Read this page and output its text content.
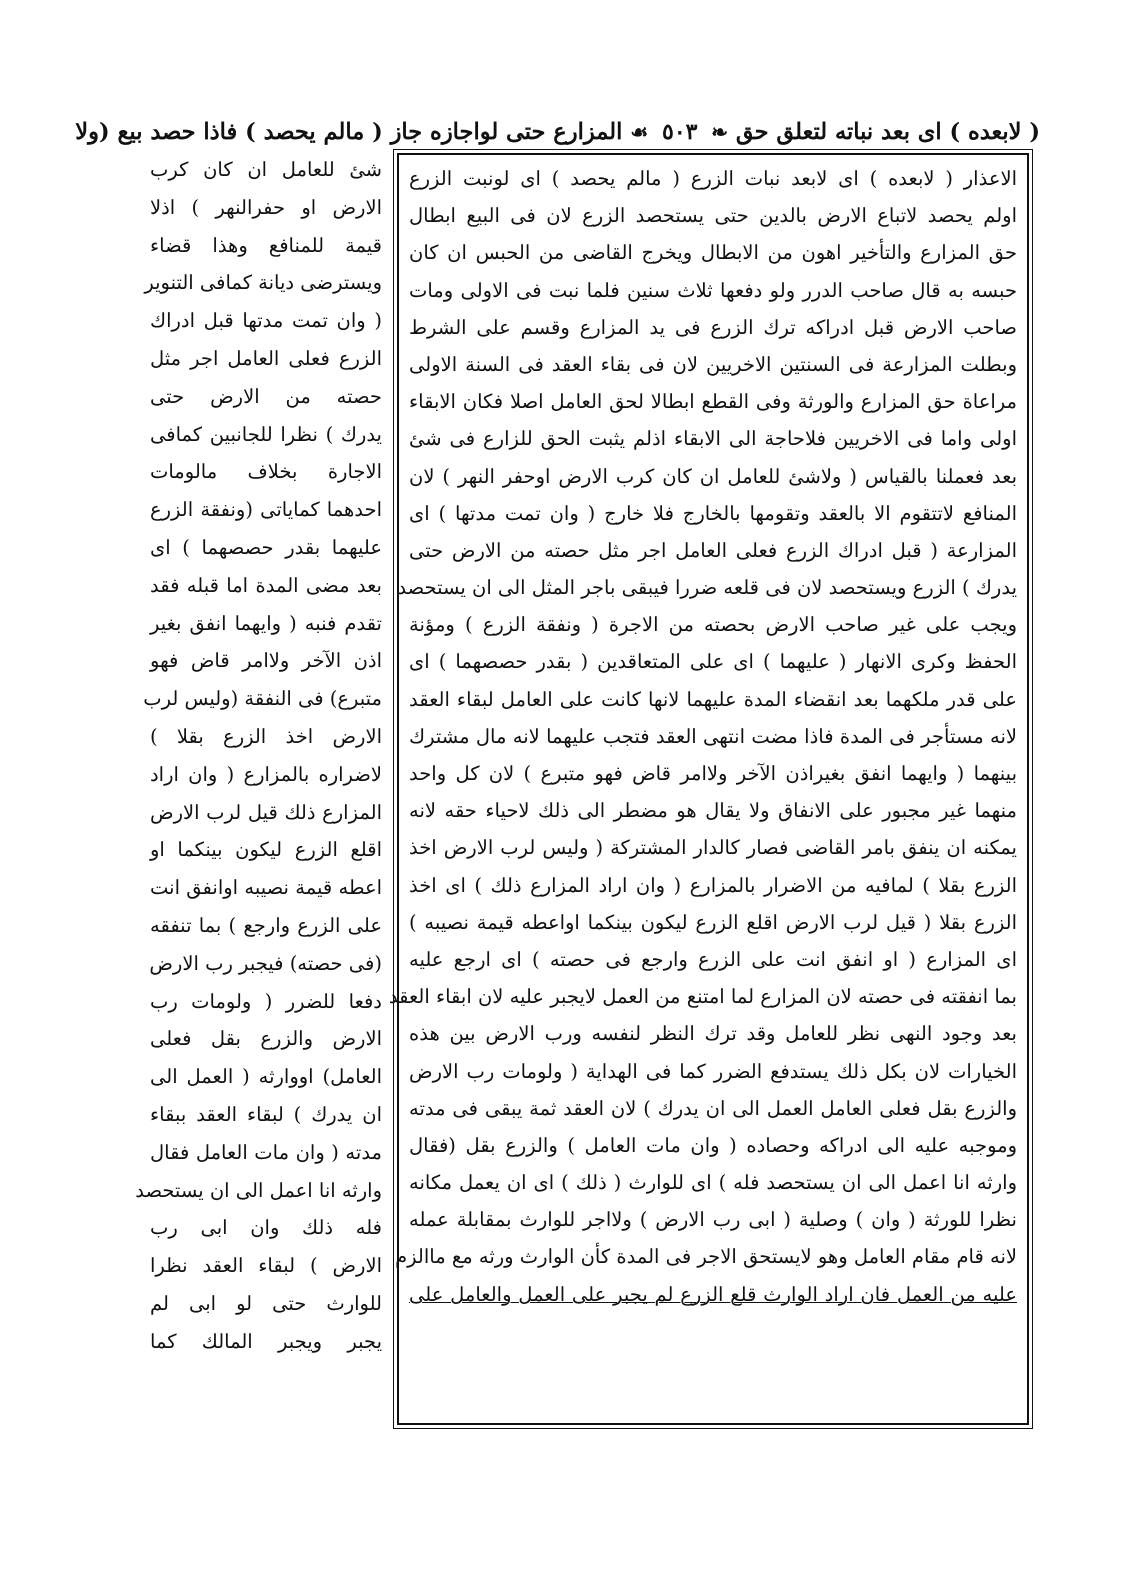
( لابعده ) اى بعد نباته لتعلق حق ❧ ٥٠٣ ☙ المزارع حتى لواجازه جاز ( مالم يحصد ) فاذا حصد بيع (ولا
الاعذار ( لابعده ) اى لابعد نبات الزرع ( مالم يحصد ) اى لونبت الزرع
اولم يحصد لاتباع الارض بالدين حتى يستحصد الزرع لان فى البيع ابطال
حق المزارع والتأخير اهون من الابطال ويخرج القاضى من الحبس ان كان
حبسه به قال صاحب الدرر ولو دفعها ثلاث سنين فلما نبت فى الاولى ومات
صاحب الارض قبل ادراكه ترك الزرع فى يد المزارع وقسم على الشرط
وبطلت المزارعة فى السنتين الاخريين لان فى بقاء العقد فى السنة الاولى
مراعاة حق المزارع والورثة وفى القطع ابطالا لحق العامل اصلا فكان الابقاء
اولى واما فى الاخريين فلاحاجة الى الابقاء اذلم يثبت الحق للزارع فى شئ
بعد فعملنا بالقياس ( ولاشئ للعامل ان كان كرب الارض اوحفر النهر ) لان
المنافع لاتتقوم الا بالعقد وتقومها بالخارج فلا خارج ( وان تمت مدتها ) اى
المزارعة ( قبل ادراك الزرع فعلى العامل اجر مثل حصته من الارض حتى
يدرك ) الزرع ويستحصد لان فى قلعه ضررا فيبقى باجر المثل الى ان يستحصد
ويجب على غير صاحب الارض بحصته من الاجرة ( ونفقة الزرع ) ومؤنة
الحفظ وكرى الانهار ( عليهما ) اى على المتعاقدين ( بقدر حصصهما ) اى
على قدر ملكهما بعد انقضاء المدة عليهما لانها كانت على العامل لبقاء العقد
لانه مستأجر فى المدة فاذا مضت انتهى العقد فتجب عليهما لانه مال مشترك
بينهما ( وايهما انفق بغيراذن الآخر ولاامر قاض فهو متبرع ) لان كل واحد
منهما غير مجبور على الانفاق ولا يقال هو مضطر الى ذلك لاحياء حقه لانه
يمكنه ان ينفق بامر القاضى فصار كالدار المشتركة ( وليس لرب الارض اخذ
الزرع بقلا ) لمافيه من الاضرار بالمزارع ( وان اراد المزارع ذلك ) اى اخذ
الزرع بقلا ( قيل لرب الارض اقلع الزرع ليكون بينكما اواعطه قيمة نصيبه )
اى المزارع ( او انفق انت على الزرع وارجع فى حصته ) اى ارجع عليه
بما انفقته فى حصته لان المزارع لما امتنع من العمل لايجبر عليه لان ابقاء العقد
بعد وجود النهى نظر للعامل وقد ترك النظر لنفسه ورب الارض بين هذه
الخيارات لان بكل ذلك يستدفع الضرر كما فى الهداية ( ولومات رب الارض
والزرع بقل فعلى العامل العمل الى ان يدرك ) لان العقد ثمة يبقى فى مدته
وموجبه عليه الى ادراكه وحصاده ( وان مات العامل ) والزرع بقل (فقال
وارثه انا اعمل الى ان يستحصد فله ) اى للوارث ( ذلك ) اى ان يعمل مكانه
نظرا للورثة ( وان ) وصلية ( ابى رب الارض ) ولااجر للوارث بمقابلة عمله
لانه قام مقام العامل وهو لايستحق الاجر فى المدة كأن الوارث ورثه مع ماالزم
عليه من العمل فان اراد الوارث قلع الزرع لم يجبر على العمل والعامل على
شئ للعامل ان كان كرب
الارض او حفرالنهر ) اذلا
قيمة للمنافع وهذا قضاء
ويسترضى ديانة كمافى التنوير
( وان تمت مدتها قبل ادراك
الزرع فعلى العامل اجر مثل
حصته من الارض حتى
يدرك ) نظرا للجانبين كمافى
الاجارة بخلاف مالومات
احدهما كماياتى (ونفقة الزرع
عليهما بقدر حصصهما ) اى
بعد مضى المدة اما قبله فقد
تقدم فنبه ( وايهما انفق بغير
اذن الآخر ولاامر قاض فهو
متبرع) فى النفقة (وليس لرب
الارض اخذ الزرع بقلا )
لاضراره بالمزارع ( وان اراد
المزارع ذلك قيل لرب الارض
اقلع الزرع ليكون بينكما او
اعطه قيمة نصيبه اوانفق انت
على الزرع وارجع ) بما تنفقه
(فى حصته) فيجبر رب الارض
دفعا للضرر ( ولومات رب
الارض والزرع بقل فعلى
العامل) اووارثه ( العمل الى
ان يدرك ) لبقاء العقد ببقاء
مدته ( وان مات العامل فقال
وارثه انا اعمل الى ان يستحصد
فله ذلك وان ابى رب
الارض ) لبقاء العقد نظرا
للوارث حتى لو ابى لم
يجبر ويجبر المالك كما
